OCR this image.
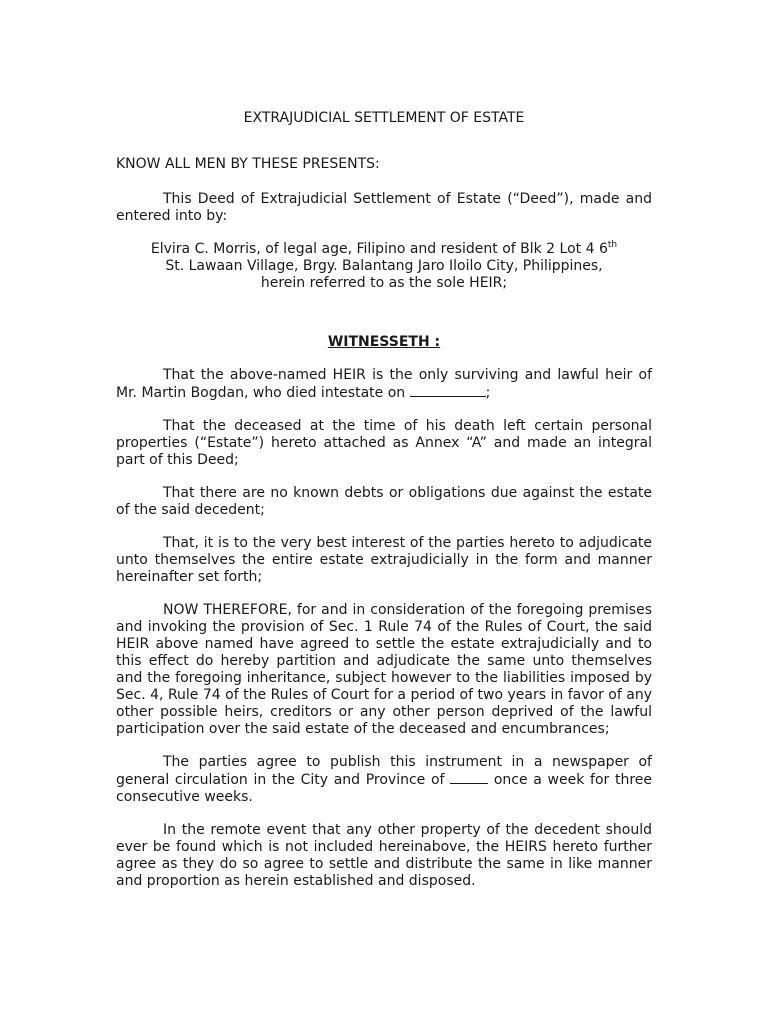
EXTRAJUDICIAL SETTLEMENT OF ESTATE
KNOW ALL MEN BY THESE PRESENTS:
This Deed of Extrajudicial Settlement of Estate (“Deed”), made and entered into by:
Elvira C. Morris, of legal age, Filipino and resident of Blk 2 Lot 4 6th
St. Lawaan Village, Brgy. Balantang Jaro Iloilo City, Philippines,
herein referred to as the sole HEIR;
WITNESSETH :
That the above-named HEIR is the only surviving and lawful heir of Mr. Martin Bogdan, who died intestate on	;
That the deceased at the time of his death left certain personal properties (“Estate”) hereto attached as Annex “A” and made an integral part of this Deed;
That there are no known debts or obligations due against the estate of the said decedent;
That, it is to the very best interest of the parties hereto to adjudicate unto themselves the entire estate extrajudicially in the form and manner hereinafter set forth;
NOW THEREFORE, for and in consideration of the foregoing premises and invoking the provision of Sec. 1 Rule 74 of the Rules of Court, the said HEIR above named have agreed to settle the estate extrajudicially and to this effect do hereby partition and adjudicate the same unto themselves and the foregoing inheritance, subject however to the liabilities imposed by Sec. 4, Rule 74 of the Rules of Court for a period of two years in favor of any other possible heirs, creditors or any other person deprived of the lawful participation over the said estate of the deceased and encumbrances;
The parties agree to publish this instrument in a newspaper of general circulation in the City and Province of	once a week for three consecutive weeks.
In the remote event that any other property of the decedent should ever be found which is not included hereinabove, the HEIRS hereto further agree as they do so agree to settle and distribute the same in like manner and proportion as herein established and disposed.
